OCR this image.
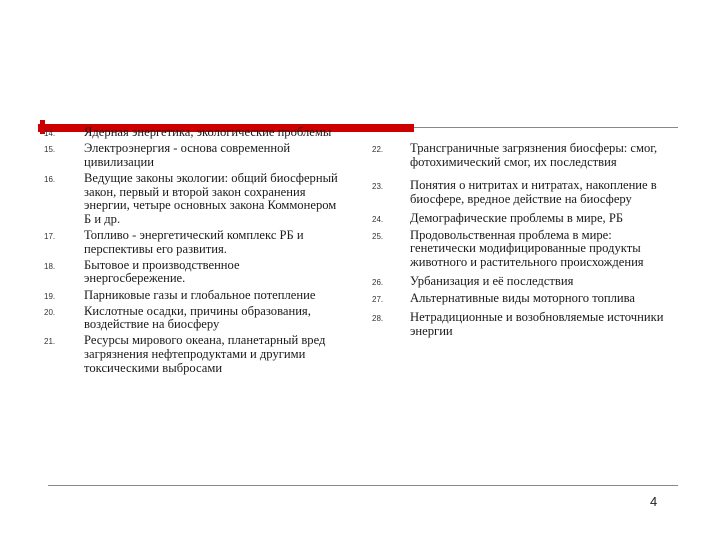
14. Ядерная энергетика, экологические проблемы
15. Электроэнергия - основа современной цивилизации
16. Ведущие законы экологии: общий биосферный закон, первый и второй закон сохранения энергии, четыре основных закона Коммонером Б и др.
17. Топливо - энергетический комплекс РБ и перспективы его развития.
18. Бытовое и производственное энергосбережение.
19. Парниковые газы и глобальное потепление
20. Кислотные осадки, причины образования, воздействие на биосферу
21. Ресурсы мирового океана, планетарный вред загрязнения нефтепродуктами и другими токсическими выбросами
22. Трансграничные загрязнения биосферы: смог, фотохимический смог, их последствия
23. Понятия о нитритах и нитратах, накопление в биосфере, вредное действие на биосферу
24. Демографические проблемы в мире, РБ
25. Продовольственная проблема в мире: генетически модифицированные продукты животного и растительного происхождения
26. Урбанизация и её последствия
27. Альтернативные виды моторного топлива
28. Нетрадиционные и возобновляемые источники энергии
4
